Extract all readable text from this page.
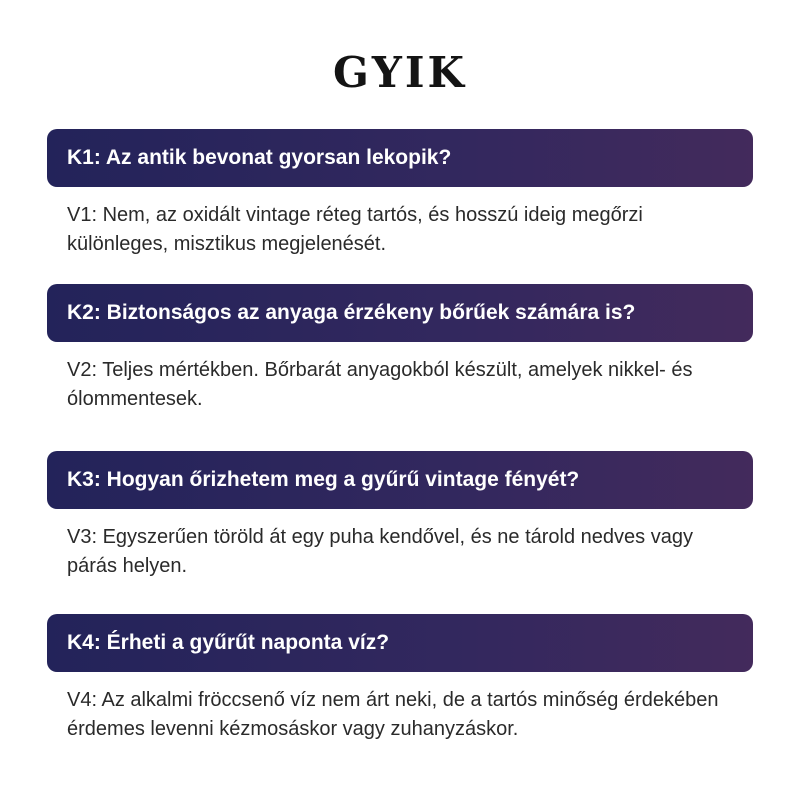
GYIK
K1: Az antik bevonat gyorsan lekopik?
V1: Nem, az oxidált vintage réteg tartós, és hosszú ideig megőrzi különleges, misztikus megjelenését.
K2: Biztonságos az anyaga érzékeny bőrűek számára is?
V2: Teljes mértékben. Bőrbarát anyagokból készült, amelyek nikkel- és ólommentesek.
K3: Hogyan őrizhetem meg a gyűrű vintage fényét?
V3: Egyszerűen töröld át egy puha kendővel, és ne tárold nedves vagy párás helyen.
K4: Érheti a gyűrűt naponta víz?
V4: Az alkalmi fröccsenő víz nem árt neki, de a tartós minőség érdekében érdemes levenni kézmosáskor vagy zuhanyzáskor.
